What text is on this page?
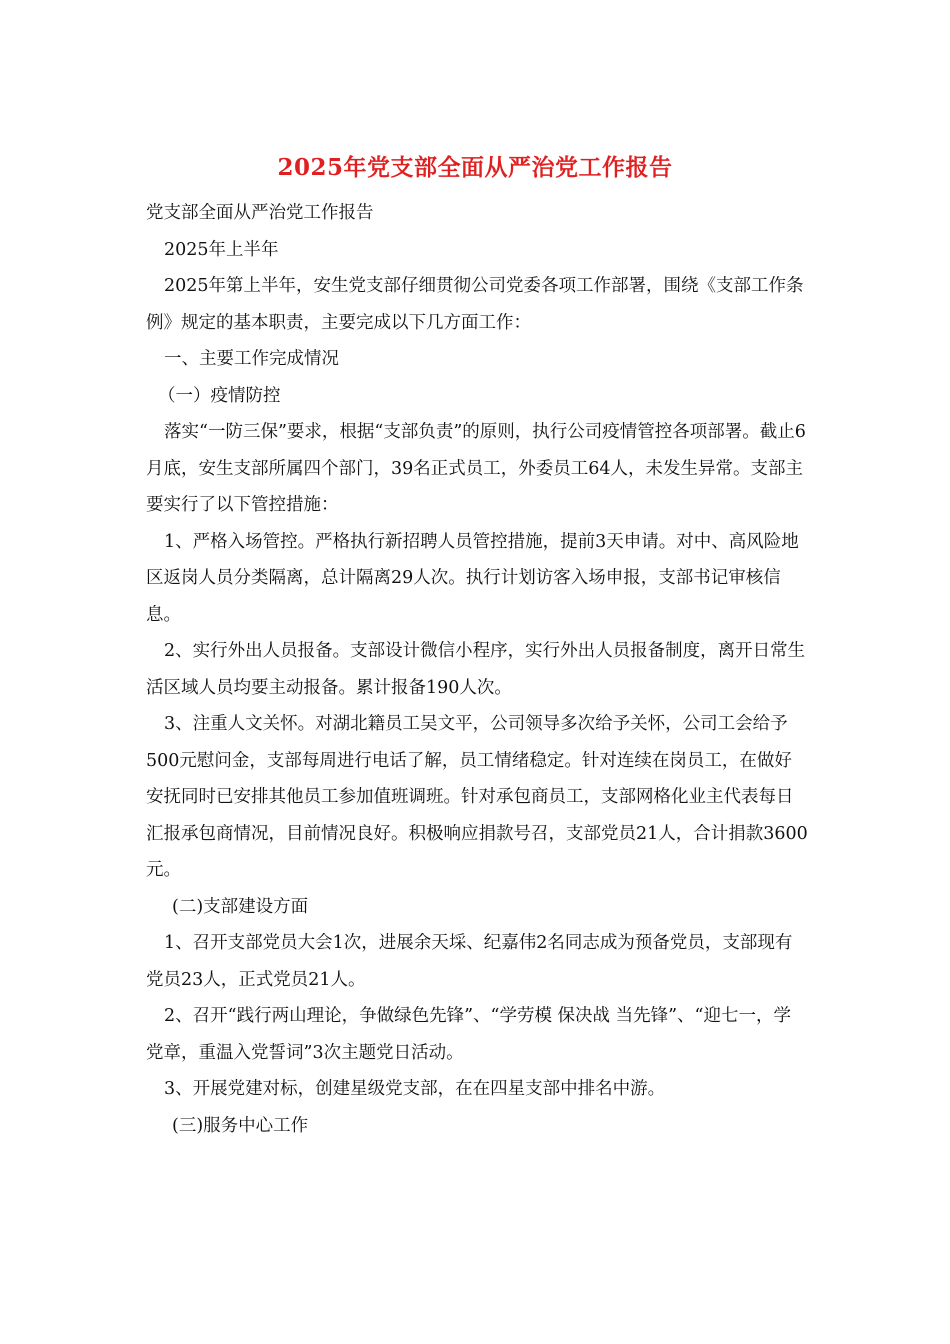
2025年党支部全面从严治党工作报告

党支部全面从严治党工作报告

2025年上半年

2025年第上半年，安生党支部仔细贯彻公司党委各项工作部署，围绕《支部工作条例》规定的基本职责，主要完成以下几方面工作：

一、主要工作完成情况

（一）疫情防控

落实“一防三保”要求，根据“支部负责”的原则，执行公司疫情管控各项部署。截止6月底，安生支部所属四个部门，39名正式员工，外委员工64人，未发生异常。支部主要实行了以下管控措施：

1、严格入场管控。严格执行新招聘人员管控措施，提前3天申请。对中、高风险地区返岗人员分类隔离，总计隔离29人次。执行计划访客入场申报，支部书记审核信息。

2、实行外出人员报备。支部设计微信小程序，实行外出人员报备制度，离开日常生活区域人员均要主动报备。累计报备190人次。

3、注重人文关怀。对湖北籍员工吴文平，公司领导多次给予关怀，公司工会给予500元慰问金，支部每周进行电话了解，员工情绪稳定。针对连续在岗员工，在做好安抚同时已安排其他员工参加值班调班。针对承包商员工，支部网格化业主代表每日汇报承包商情况，目前情况良好。积极响应捐款号召，支部党员21人，合计捐款3600元。

(二)支部建设方面

1、召开支部党员大会1次，进展余天埰、纪嘉伟2名同志成为预备党员，支部现有党员23人，正式党员21人。

2、召开“践行两山理论，争做绿色先锋”、“学劳模 保决战 当先锋”、“迎七一，学党章，重温入党誓词”3次主题党日活动。

3、开展党建对标，创建星级党支部，在在四星支部中排名中游。

(三)服务中心工作
